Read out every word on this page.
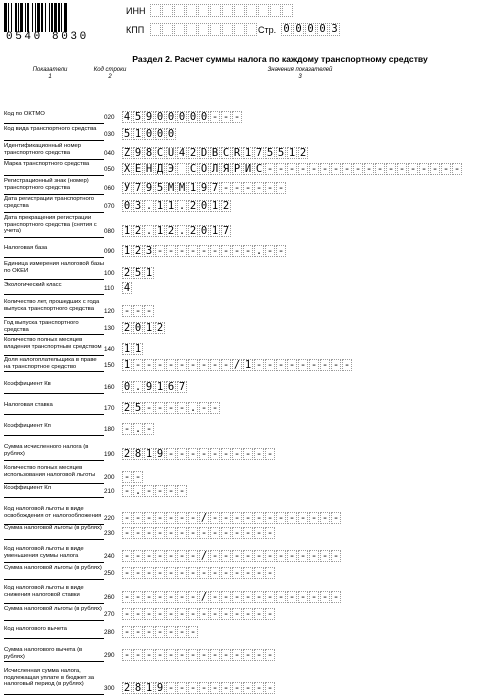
0540 8030
ИНН
КПП	Стр. 0 0 0 0 3
Раздел 2. Расчет суммы налога по каждому транспортному средству
Показатели
1
Код строки
2
Значения показателей
3
Код по ОКТМО	020 4 5 9 0 0 0 0 0 - - -
Код вида транспортного средства
030 5 1 0 0 0
Идентификационный номер транспортного средства	040 Z 9 8 C U 4 2 D B C R 1 7 5 5 1 2
Марка транспортного средства
050 Х Е Н Д Э С О Л Я Р И С - - - - - - - - - - - - - - - - - -
Регистрационный знак (номер) транспортного средства	060 У 7 9 5 М М 1 9 7 - - - - - -
Дата регистрации транспортного средства	070 0 3 . 1 1 . 2 0 1 2
Дата прекращения регистрации транспортного средства (снятия с учета)	080 1 2 . 1 2 . 2 0 1 7
Налоговая база	090 1 2 3 - - - - - - - - - . - -
Единица измерения налоговой базы по ОКЕИ	100 2 5 1
Экологический класс	110 4
Количество лет, прошедших с года выпуска транспортного средства	120 - - -
Год выпуска транспортного средства	130 2 0 1 2
Количество полных месяцев владения транспортным средством 140 1 1
Доля налогоплательщика в праве на транспортное средство	150 1 - - - - - - - - - / 1 - - - - - - - - -
Коэффициент Кв	160 0 . 9 1 6 7
Налоговая ставка	170 2 5 - - - - . - -
Коэффициент Кп	180 - . -
Сумма исчисленного налога (в рублях)	190 2 8 1 9 - - - - - - - - - -
Количество полных месяцев использования налоговой льготы	200 - -
Коэффициент Кл	210 - . - - - -
Код налоговой льготы в виде освобождения от налогообложения 220 - - - - - - - / - - - - - - - - - - - -
Сумма налоговой льготы (в рублях)
230 - - - - - - - - - - - - - -
Код налоговой льготы в виде уменьшения суммы налога	240 - - - - - - - / - - - - - - - - - - - -
Сумма налоговой льготы (в рублях)
250 - - - - - - - - - - - - - -
Код налоговой льготы в виде снижения налоговой ставки	260 - - - - - - - / - - - - - - - - - - - -
Сумма налоговой льготы (в рублях)
270 - - - - - - - - - - - - - -
Код налогового вычета	280 - - - - - - -
Сумма налогового вычета (в рублях)	290 - - - - - - - - - - - - - -
Исчисленная сумма налога, подлежащая уплате в бюджет за налоговый период (в рублях)
300 2 8 1 9 - - - - - - - - - -
